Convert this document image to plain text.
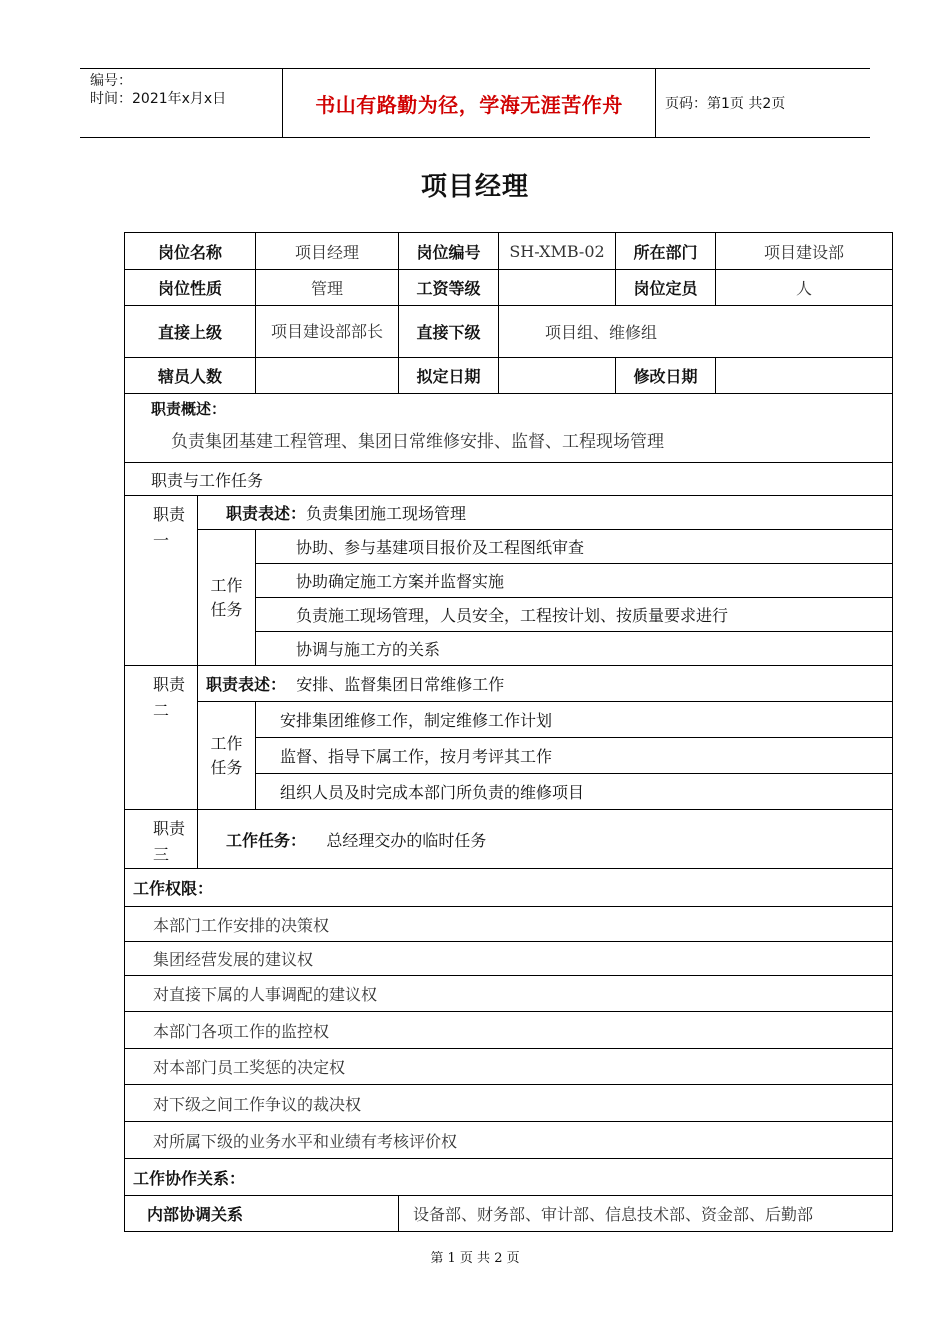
编号：
时间：2021年x月x日	书山有路勤为径，学海无涯苦作舟	页码：第1页 共2页
项目经理
岗位名称		项目经理	岗位编号	SH-XMB-02	所在部门	项目建设部
岗位性质		管理	工资等级		岗位定员	人
直接上级		项目建设部部长	直接下级	项目组、维修组		
辖员人数			拟定日期		修改日期	

职责概述：
负责集团基建工程管理、集团日常维修安排、监督、工程现场管理						

职责与工作任务						

职责一	职责表述：负责集团施工现场管理					

	工作任务	协助、参与基建项目报价及工程图纸审查				
		协助确定施工方案并监督实施				
		负责施工现场管理，人员安全，工程按计划、按质量要求进行				
		协调与施工方的关系				

职责二	职责表述： 安排、监督集团日常维修工作					

	工作任务	安排集团维修工作，制定维修工作计划				
		监督、指导下属工作，按月考评其工作				
		组织人员及时完成本部门所负责的维修项目				

职责三	工作任务： 总经理交办的临时任务					
工作权限：						
本部门工作安排的决策权						
集团经营发展的建议权						
对直接下属的人事调配的建议权						
本部门各项工作的监控权						
对本部门员工奖惩的决定权						
对下级之间工作争议的裁决权						
对所属下级的业务水平和业绩有考核评价权						
工作协作关系：						
内部协调关系			设备部、财务部、审计部、信息技术部、资金部、后勤部			
第 1 页 共 2 页
